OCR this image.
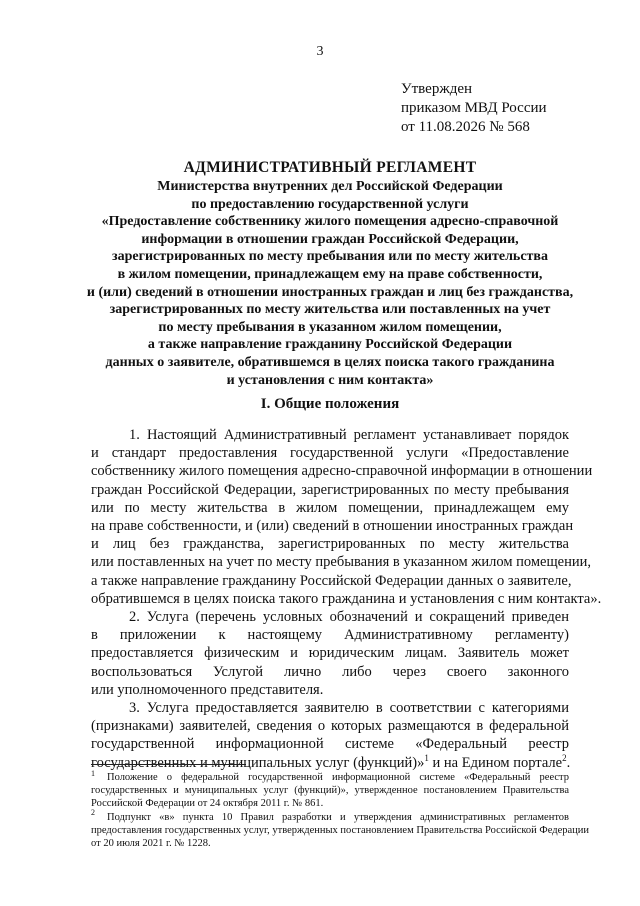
3
Утвержден
приказом МВД России
от 11.08.2026 № 568
АДМИНИСТРАТИВНЫЙ РЕГЛАМЕНТ
Министерства внутренних дел Российской Федерации
по предоставлению государственной услуги
«Предоставление собственнику жилого помещения адресно-справочной
информации в отношении граждан Российской Федерации,
зарегистрированных по месту пребывания или по месту жительства
в жилом помещении, принадлежащем ему на праве собственности,
и (или) сведений в отношении иностранных граждан и лиц без гражданства,
зарегистрированных по месту жительства или поставленных на учет
по месту пребывания в указанном жилом помещении,
а также направление гражданину Российской Федерации
данных о заявителе, обратившемся в целях поиска такого гражданина
и установления с ним контакта»
I. Общие положения
1. Настоящий Административный регламент устанавливает порядок
и стандарт предоставления государственной услуги «Предоставление
собственнику жилого помещения адресно-справочной информации в отношении
граждан Российской Федерации, зарегистрированных по месту пребывания
или по месту жительства в жилом помещении, принадлежащем ему
на праве собственности, и (или) сведений в отношении иностранных граждан
и лиц без гражданства, зарегистрированных по месту жительства
или поставленных на учет по месту пребывания в указанном жилом помещении,
а также направление гражданину Российской Федерации данных о заявителе,
обратившемся в целях поиска такого гражданина и установления с ним контакта».
2. Услуга (перечень условных обозначений и сокращений приведен
в приложении к настоящему Административному регламенту)
предоставляется физическим и юридическим лицам. Заявитель может
воспользоваться Услугой лично либо через своего законного
или уполномоченного представителя.
3. Услуга предоставляется заявителю в соответствии с категориями
(признаками) заявителей, сведения о которых размещаются в федеральной
государственной информационной системе «Федеральный реестр
государственных и муниципальных услуг (функций)»$^1$ и на Едином портале$^2$.
1 Положение о федеральной государственной информационной системе «Федеральный реестр
государственных и муниципальных услуг (функций)», утвержденное постановлением Правительства
Российской Федерации от 24 октября 2011 г. № 861.
2 Подпункт «в» пункта 10 Правил разработки и утверждения административных регламентов
предоставления государственных услуг, утвержденных постановлением Правительства Российской Федерации
от 20 июля 2021 г. № 1228.
